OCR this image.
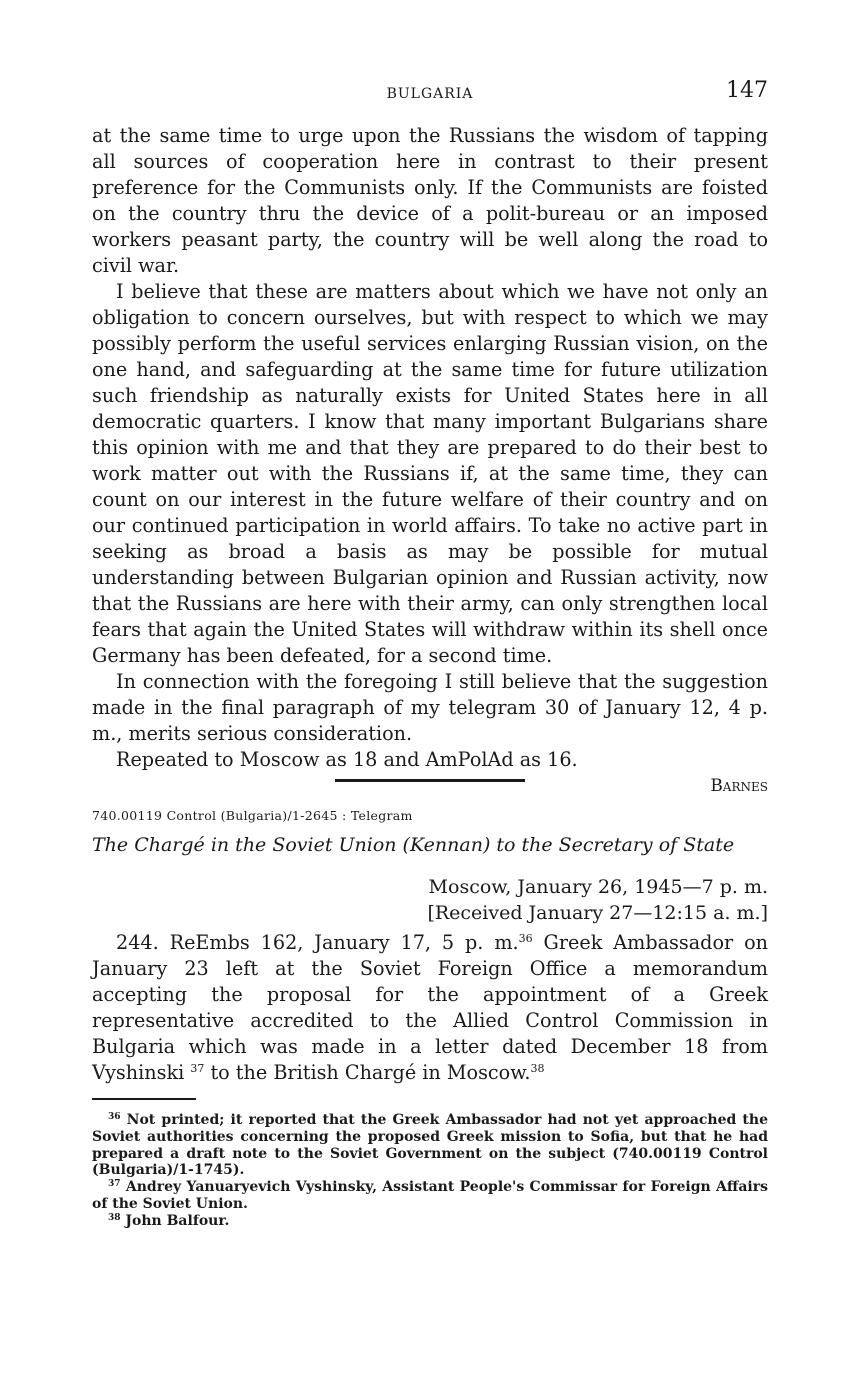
BULGARIA	147

at the same time to urge upon the Russians the wisdom of tapping all sources of cooperation here in contrast to their present preference for the Communists only. If the Communists are foisted on the country thru the device of a polit-bureau or an imposed workers peasant party, the country will be well along the road to civil war.

I believe that these are matters about which we have not only an obligation to concern ourselves, but with respect to which we may possibly perform the useful services enlarging Russian vision, on the one hand, and safeguarding at the same time for future utilization such friendship as naturally exists for United States here in all democratic quarters. I know that many important Bulgarians share this opinion with me and that they are prepared to do their best to work matter out with the Russians if, at the same time, they can count on our interest in the future welfare of their country and on our continued participation in world affairs. To take no active part in seeking as broad a basis as may be possible for mutual understanding between Bulgarian opinion and Russian activity, now that the Russians are here with their army, can only strengthen local fears that again the United States will withdraw within its shell once Germany has been defeated, for a second time.

In connection with the foregoing I still believe that the suggestion made in the final paragraph of my telegram 30 of January 12, 4 p. m., merits serious consideration.

Repeated to Moscow as 18 and AmPolAd as 16.

Barnes
740.00119 Control (Bulgaria)/1-2645 : Telegram
The Chargé in the Soviet Union (Kennan) to the Secretary of State
Moscow, January 26, 1945—7 p. m.
[Received January 27—12:15 a. m.]

244. ReEmbs 162, January 17, 5 p. m.$^{36}$ Greek Ambassador on January 23 left at the Soviet Foreign Office a memorandum accepting the proposal for the appointment of a Greek representative accredited to the Allied Control Commission in Bulgaria which was made in a letter dated December 18 from Vyshinski $^{37}$ to the British Chargé in Moscow.$^{38}$

$^{36}$ Not printed; it reported that the Greek Ambassador had not yet approached the Soviet authorities concerning the proposed Greek mission to Sofia, but that he had prepared a draft note to the Soviet Government on the subject (740.00119 Control (Bulgaria)/1-1745).

$^{37}$ Andrey Yanuaryevich Vyshinsky, Assistant People's Commissar for Foreign Affairs of the Soviet Union.

$^{38}$ John Balfour.
